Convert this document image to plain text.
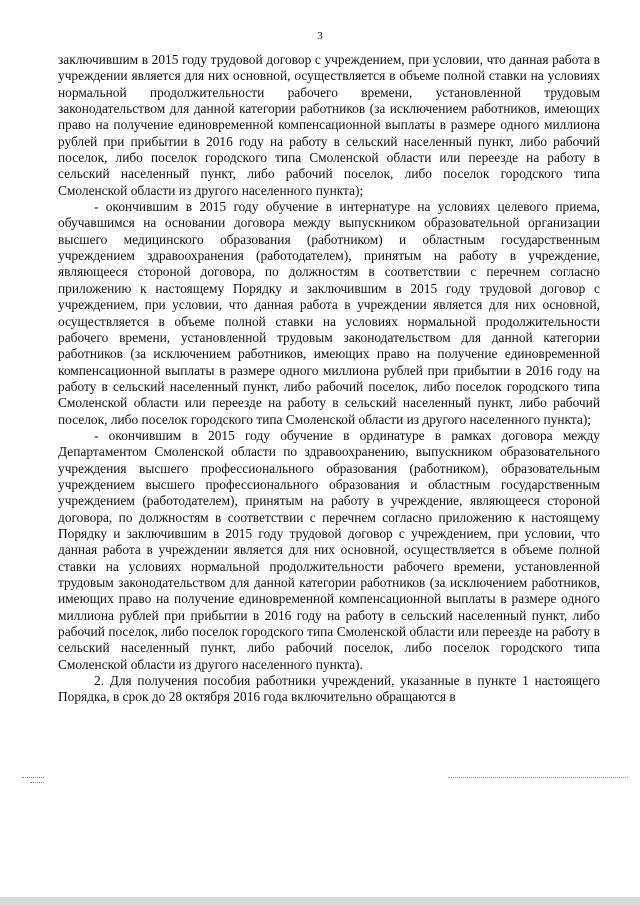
3

заключившим в 2015 году трудовой договор с учреждением, при условии, что данная работа в учреждении является для них основной, осуществляется в объеме полной ставки на условиях нормальной продолжительности рабочего времени, установленной трудовым законодательством для данной категории работников (за исключением работников, имеющих право на получение единовременной компенсационной выплаты в размере одного миллиона рублей при прибытии в 2016 году на работу в сельский населенный пункт, либо рабочий поселок, либо поселок городского типа Смоленской области или переезде на работу в сельский населенный пункт, либо рабочий поселок, либо поселок городского типа Смоленской области из другого населенного пункта);

- окончившим в 2015 году обучение в интернатуре на условиях целевого приема, обучавшимся на основании договора между выпускником образовательной организации высшего медицинского образования (работником) и областным государственным учреждением здравоохранения (работодателем), принятым на работу в учреждение, являющееся стороной договора, по должностям в соответствии с перечнем согласно приложению к настоящему Порядку и заключившим в 2015 году трудовой договор с учреждением, при условии, что данная работа в учреждении является для них основной, осуществляется в объеме полной ставки на условиях нормальной продолжительности рабочего времени, установленной трудовым законодательством для данной категории работников (за исключением работников, имеющих право на получение единовременной компенсационной выплаты в размере одного миллиона рублей при прибытии в 2016 году на работу в сельский населенный пункт, либо рабочий поселок, либо поселок городского типа Смоленской области или переезде на работу в сельский населенный пункт, либо рабочий поселок, либо поселок городского типа Смоленской области из другого населенного пункта);

- окончившим в 2015 году обучение в ординатуре в рамках договора между Департаментом Смоленской области по здравоохранению, выпускником образовательного учреждения высшего профессионального образования (работником), образовательным учреждением высшего профессионального образования и областным государственным учреждением (работодателем), принятым на работу в учреждение, являющееся стороной договора, по должностям в соответствии с перечнем согласно приложению к настоящему Порядку и заключившим в 2015 году трудовой договор с учреждением, при условии, что данная работа в учреждении является для них основной, осуществляется в объеме полной ставки на условиях нормальной продолжительности рабочего времени, установленной трудовым законодательством для данной категории работников (за исключением работников, имеющих право на получение единовременной компенсационной выплаты в размере одного миллиона рублей при прибытии в 2016 году на работу в сельский населенный пункт, либо рабочий поселок, либо поселок городского типа Смоленской области или переезде на работу в сельский населенный пункт, либо рабочий поселок, либо поселок городского типа Смоленской области из другого населенного пункта).

2. Для получения пособия работники учреждений, указанные в пункте 1 настоящего Порядка, в срок до 28 октября 2016 года включительно обращаются в
